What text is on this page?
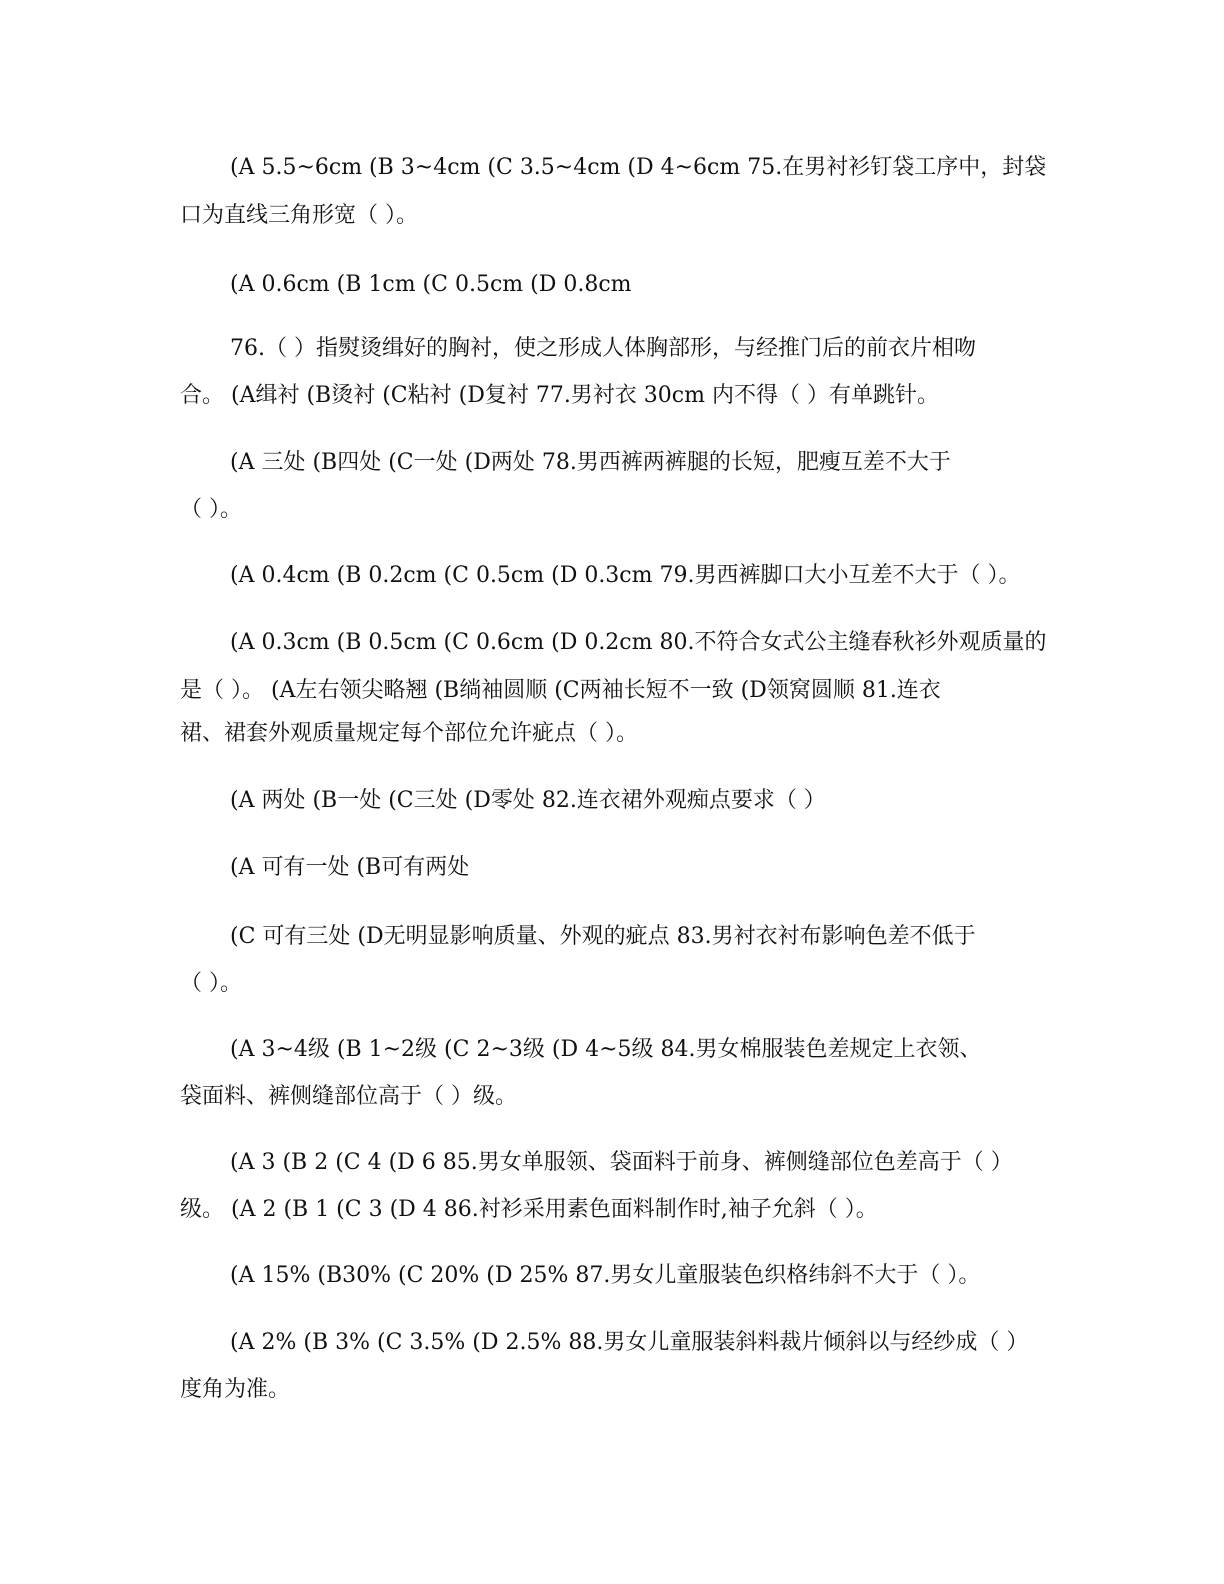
(A 5.5~6cm (B 3~4cm (C 3.5~4cm (D 4~6cm 75.在男衬衫钉袋工序中，封袋
口为直线三角形宽（ ）。
(A 0.6cm (B 1cm (C 0.5cm (D 0.8cm
76.（ ）指熨烫缉好的胸衬，使之形成人体胸部形，与经推门后的前衣片相吻
合。 (A缉衬 (B烫衬 (C粘衬 (D复衬 77.男衬衣 30cm 内不得（ ）有单跳针。
(A 三处 (B四处 (C一处 (D两处 78.男西裤两裤腿的长短，肥瘦互差不大于
（ ）。
(A 0.4cm (B 0.2cm (C 0.5cm (D 0.3cm 79.男西裤脚口大小互差不大于（ ）。
(A 0.3cm (B 0.5cm (C 0.6cm (D 0.2cm 80.不符合女式公主缝春秋衫外观质量的
是（ ）。 (A左右领尖略翘 (B绱袖圆顺 (C两袖长短不一致 (D领窝圆顺 81.连衣
裙、裙套外观质量规定每个部位允许疵点（ ）。
(A 两处 (B一处 (C三处 (D零处 82.连衣裙外观痴点要求（ ）
(A 可有一处 (B可有两处
(C 可有三处 (D无明显影响质量、外观的疵点 83.男衬衣衬布影响色差不低于
（ ）。
(A 3~4级 (B 1~2级 (C 2~3级 (D 4~5级 84.男女棉服装色差规定上衣领、
袋面料、裤侧缝部位高于（ ）级。
(A 3 (B 2 (C 4 (D 6 85.男女单服领、袋面料于前身、裤侧缝部位色差高于（ ）
级。 (A 2 (B 1 (C 3 (D 4 86.衬衫采用素色面料制作时,袖子允斜（ ）。
(A 15% (B30% (C 20% (D 25% 87.男女儿童服装色织格纬斜不大于（ ）。
(A 2% (B 3% (C 3.5% (D 2.5% 88.男女儿童服装斜料裁片倾斜以与经纱成（ ）
度角为准。
